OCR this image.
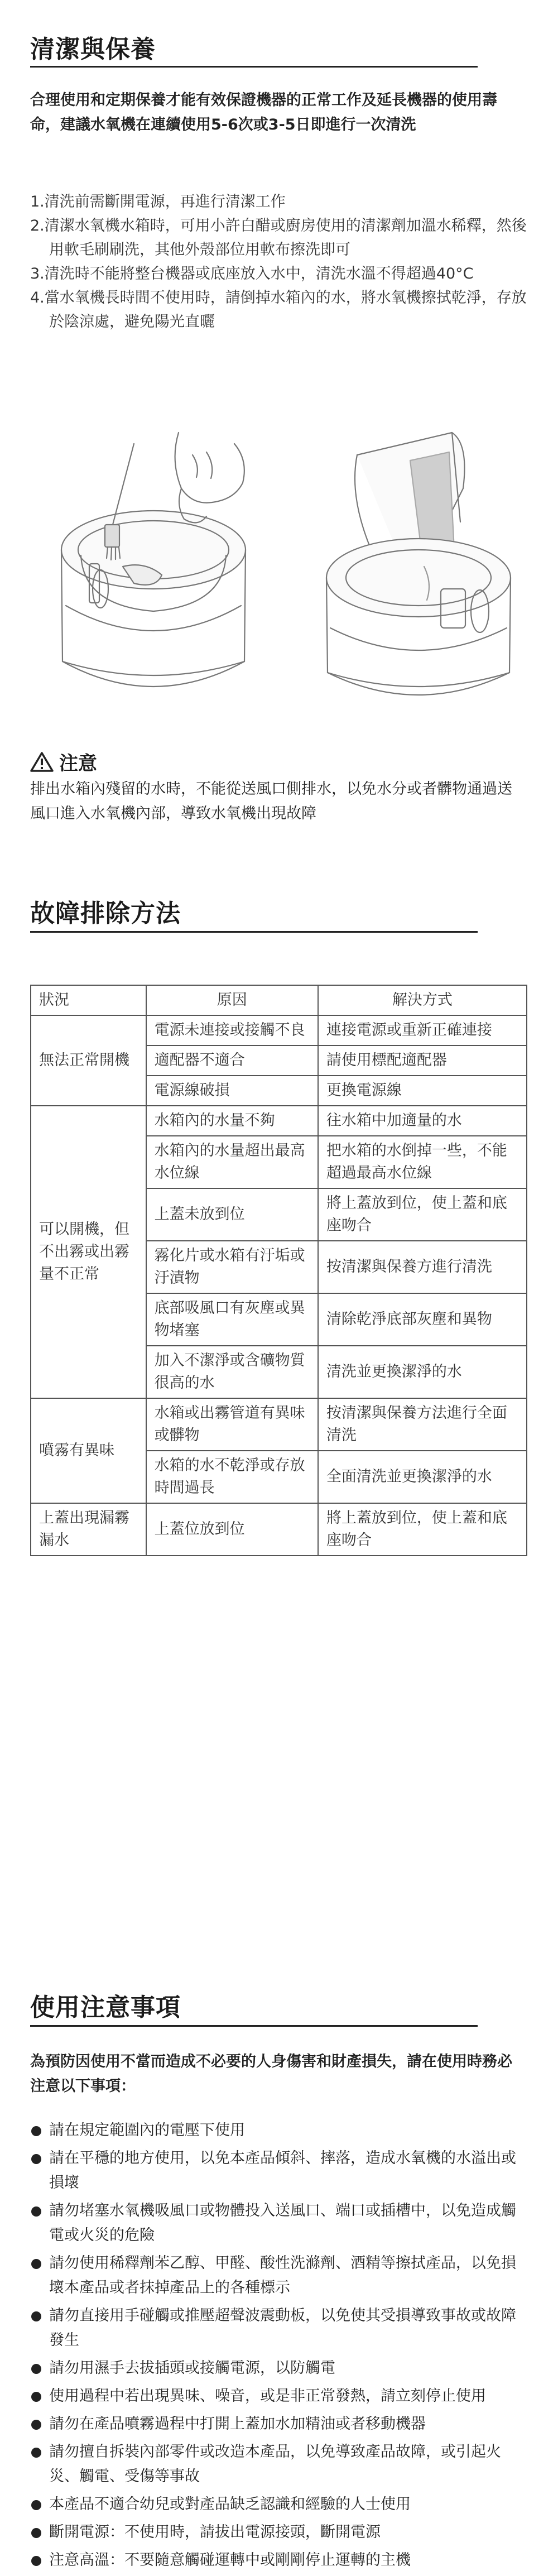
清潔與保養
合理使用和定期保養才能有效保證機器的正常工作及延長機器的使用壽命，建議水氧機在連續使用5-6次或3-5日即進行一次清洗
1.清洗前需斷開電源，再進行清潔工作
2.清潔水氧機水箱時，可用小許白醋或廚房使用的清潔劑加溫水稀釋，然後用軟毛刷刷洗，其他外殼部位用軟布擦洗即可
3.清洗時不能將整台機器或底座放入水中，清洗水溫不得超過40°C
4.當水氧機長時間不使用時，請倒掉水箱內的水，將水氧機擦拭乾淨，存放於陰涼處，避免陽光直曬
注意
排出水箱內殘留的水時，不能從送風口側排水，以免水分或者髒物通過送風口進入水氧機內部，導致水氧機出現故障
故障排除方法
狀況	原因	解決方式
無法正常開機	電源未連接或接觸不良	連接電源或重新正確連接
	適配器不適合	請使用標配適配器
	電源線破損	更換電源線
可以開機，但不出霧或出霧量不正常	水箱內的水量不夠	往水箱中加適量的水
	水箱內的水量超出最高水位線	把水箱的水倒掉一些，不能超過最高水位線
	上蓋未放到位	將上蓋放到位，使上蓋和底座吻合
	霧化片或水箱有汙垢或汙漬物	按清潔與保養方進行清洗
	底部吸風口有灰塵或異物堵塞	清除乾淨底部灰塵和異物
	加入不潔淨或含礦物質很高的水	清洗並更換潔淨的水
噴霧有異味	水箱或出霧管道有異味或髒物	按清潔與保養方法進行全面清洗
	水箱的水不乾淨或存放時間過長	全面清洗並更換潔淨的水
上蓋出現漏霧漏水	上蓋位放到位	將上蓋放到位，使上蓋和底座吻合
使用注意事項
為預防因使用不當而造成不必要的人身傷害和財產損失，請在使用時務必注意以下事項：
請在規定範圍內的電壓下使用
請在平穩的地方使用，以免本產品傾斜、摔落，造成水氧機的水溢出或損壞
請勿堵塞水氧機吸風口或物體投入送風口、端口或插槽中，以免造成觸電或火災的危險
請勿使用稀釋劑苯乙醇、甲醛、酸性洗滌劑、酒精等擦拭產品，以免損壞本產品或者抹掉產品上的各種標示
請勿直接用手碰觸或推壓超聲波震動板，以免使其受損導致事故或故障發生
請勿用濕手去拔插頭或接觸電源，以防觸電
使用過程中若出現異味、噪音，或是非正常發熱，請立刻停止使用
請勿在產品噴霧過程中打開上蓋加水加精油或者移動機器
請勿擅自拆裝內部零件或改造本產品，以免導致產品故障，或引起火災、觸電、受傷等事故
本產品不適合幼兒或對產品缺乏認識和經驗的人士使用
斷開電源：不使用時，請拔出電源接頭，斷開電源
注意高溫：不要隨意觸碰運轉中或剛剛停止運轉的主機
